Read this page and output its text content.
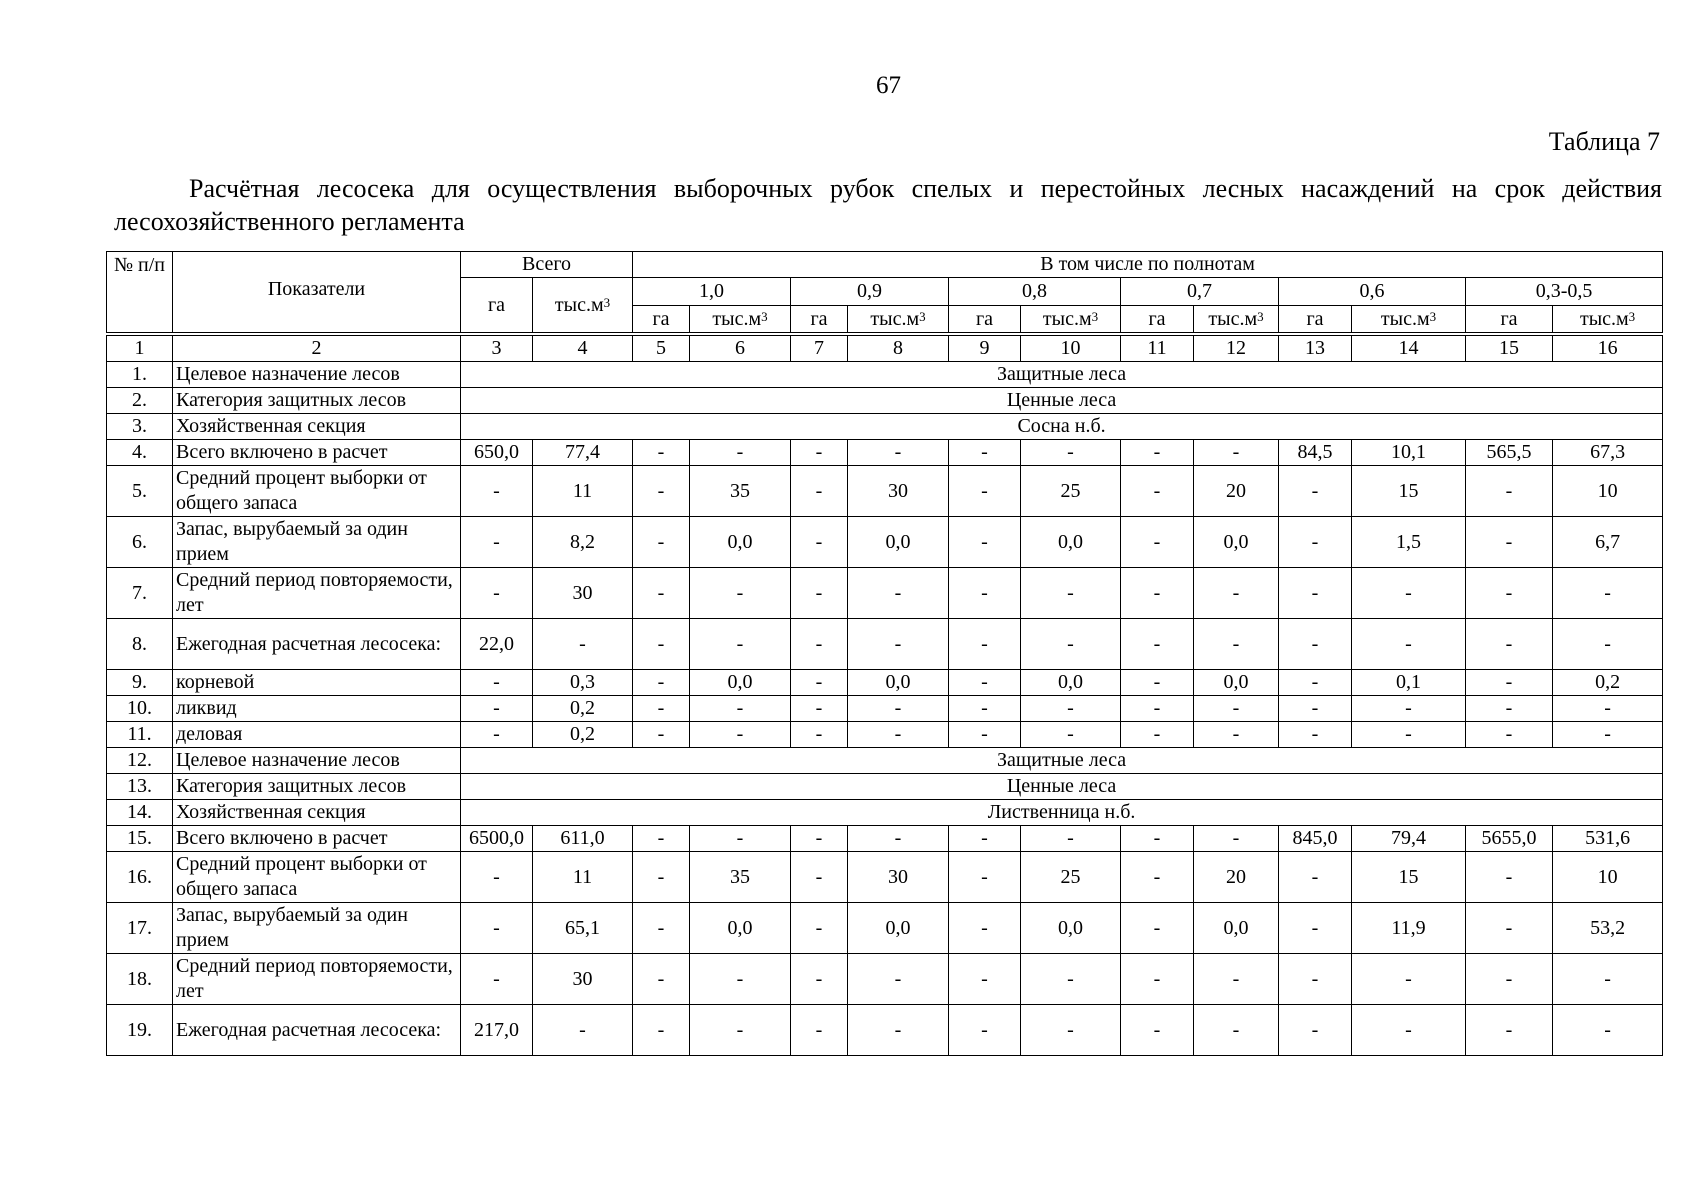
67
Таблица 7
Расчётная лесосека для осуществления выборочных рубок спелых и перестойных лесных насаждений на срок действия лесохозяйственного регламента
№ п/п	Показатели	Всего		В том числе по полнотам											
		га	$тыс.м^3$	1,0		0,9		0,8		0,7		0,6		0,3-0,5	
				га	$тыс.м^3$	га	$тыс.м^3$	га	$тыс.м^3$	га	$тыс.м^3$	га	$тыс.м^3$	га	$тыс.м^3$

1	2	3	4	5	6	7	8	9	10	11	12	13	14	15	16
1.	Целевое назначение лесов	Защитные леса													
2.	Категория защитных лесов	Ценные леса													
3.	Хозяйственная секция	Сосна н.б.													
4.	Всего включено в расчет	650,0	77,4	-	-	-	-	-	-	-	-	84,5	10,1	565,5	67,3
5.	Средний процент выборки от общего запаса	-	11	-	35	-	30	-	25	-	20	-	15	-	10
6.	Запас, вырубаемый за один прием	-	8,2	-	0,0	-	0,0	-	0,0	-	0,0	-	1,5	-	6,7
7.	Средний период повторяемости, лет	-	30	-	-	-	-	-	-	-	-	-	-	-	-
8.	Ежегодная расчетная лесосека:	22,0	-	-	-	-	-	-	-	-	-	-	-	-	-
9.	корневой	-	0,3	-	0,0	-	0,0	-	0,0	-	0,0	-	0,1	-	0,2
10.	ликвид	-	0,2	-	-	-	-	-	-	-	-	-	-	-	-
11.	деловая	-	0,2	-	-	-	-	-	-	-	-	-	-	-	-
12.	Целевое назначение лесов	Защитные леса													
13.	Категория защитных лесов	Ценные леса													
14.	Хозяйственная секция	Лиственница н.б.													
15.	Всего включено в расчет	6500,0	611,0	-	-	-	-	-	-	-	-	845,0	79,4	5655,0	531,6
16.	Средний процент выборки от общего запаса	-	11	-	35	-	30	-	25	-	20	-	15	-	10
17.	Запас, вырубаемый за один прием	-	65,1	-	0,0	-	0,0	-	0,0	-	0,0	-	11,9	-	53,2
18.	Средний период повторяемости, лет	-	30	-	-	-	-	-	-	-	-	-	-	-	-
19.	Ежегодная расчетная лесосека:	217,0	-	-	-	-	-	-	-	-	-	-	-	-	-
